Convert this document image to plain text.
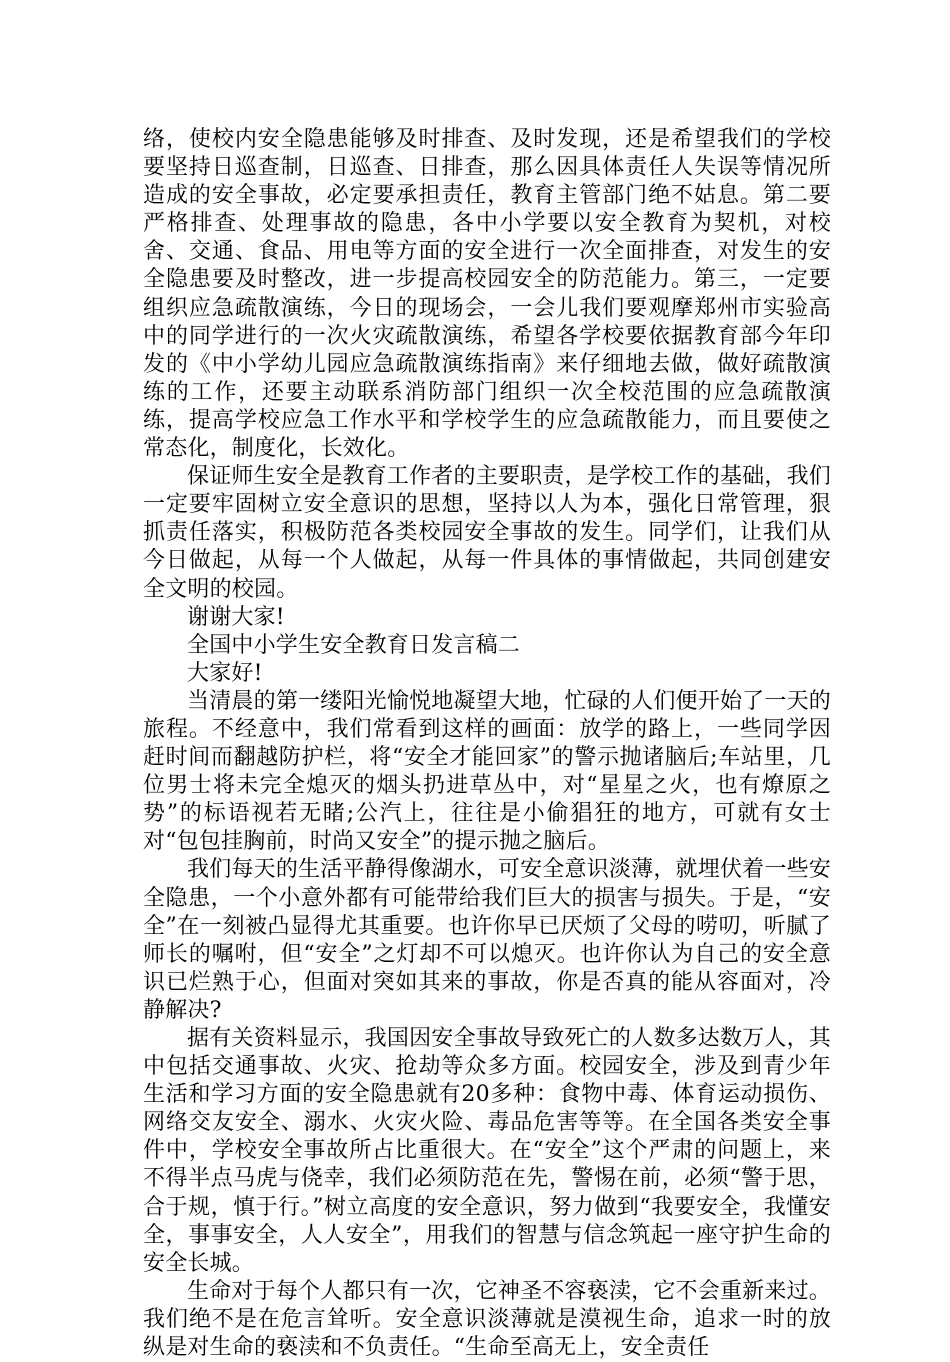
络，使校内安全隐患能够及时排查、及时发现，还是希望我们的学校要坚持日巡查制，日巡查、日排查，那么因具体责任人失误等情况所造成的安全事故，必定要承担责任，教育主管部门绝不姑息。第二要严格排查、处理事故的隐患，各中小学要以安全教育为契机，对校舍、交通、食品、用电等方面的安全进行一次全面排查，对发生的安全隐患要及时整改，进一步提高校园安全的防范能力。第三，一定要组织应急疏散演练，今日的现场会，一会儿我们要观摩郑州市实验高中的同学进行的一次火灾疏散演练，希望各学校要依据教育部今年印发的《中小学幼儿园应急疏散演练指南》来仔细地去做，做好疏散演练的工作，还要主动联系消防部门组织一次全校范围的应急疏散演练，提高学校应急工作水平和学校学生的应急疏散能力，而且要使之常态化，制度化，长效化。

保证师生安全是教育工作者的主要职责，是学校工作的基础，我们一定要牢固树立安全意识的思想，坚持以人为本，强化日常管理，狠抓责任落实，积极防范各类校园安全事故的发生。同学们，让我们从今日做起，从每一个人做起，从每一件具体的事情做起，共同创建安全文明的校园。

谢谢大家!

全国中小学生安全教育日发言稿二

大家好!

当清晨的第一缕阳光愉悦地凝望大地，忙碌的人们便开始了一天的旅程。不经意中，我们常看到这样的画面：放学的路上，一些同学因赶时间而翻越防护栏，将“安全才能回家”的警示抛诸脑后;车站里，几位男士将未完全熄灭的烟头扔进草丛中，对“星星之火，也有燎原之势”的标语视若无睹;公汽上，往往是小偷猖狂的地方，可就有女士对“包包挂胸前，时尚又安全”的提示抛之脑后。

我们每天的生活平静得像湖水，可安全意识淡薄，就埋伏着一些安全隐患，一个小意外都有可能带给我们巨大的损害与损失。于是，“安全”在一刻被凸显得尤其重要。也许你早已厌烦了父母的唠叨，听腻了师长的嘱咐，但“安全”之灯却不可以熄灭。也许你认为自己的安全意识已烂熟于心，但面对突如其来的事故，你是否真的能从容面对，冷静解决?

据有关资料显示，我国因安全事故导致死亡的人数多达数万人，其中包括交通事故、火灾、抢劫等众多方面。校园安全，涉及到青少年生活和学习方面的安全隐患就有20多种：食物中毒、体育运动损伤、网络交友安全、溺水、火灾火险、毒品危害等等。在全国各类安全事件中，学校安全事故所占比重很大。在“安全”这个严肃的问题上，来不得半点马虎与侥幸，我们必须防范在先，警惕在前，必须“警于思，合于规，慎于行。”树立高度的安全意识，努力做到“我要安全，我懂安全，事事安全，人人安全”，用我们的智慧与信念筑起一座守护生命的安全长城。

生命对于每个人都只有一次，它神圣不容亵渎，它不会重新来过。我们绝不是在危言耸听。安全意识淡薄就是漠视生命，追求一时的放纵是对生命的亵渎和不负责任。“生命至高无上，安全责任
